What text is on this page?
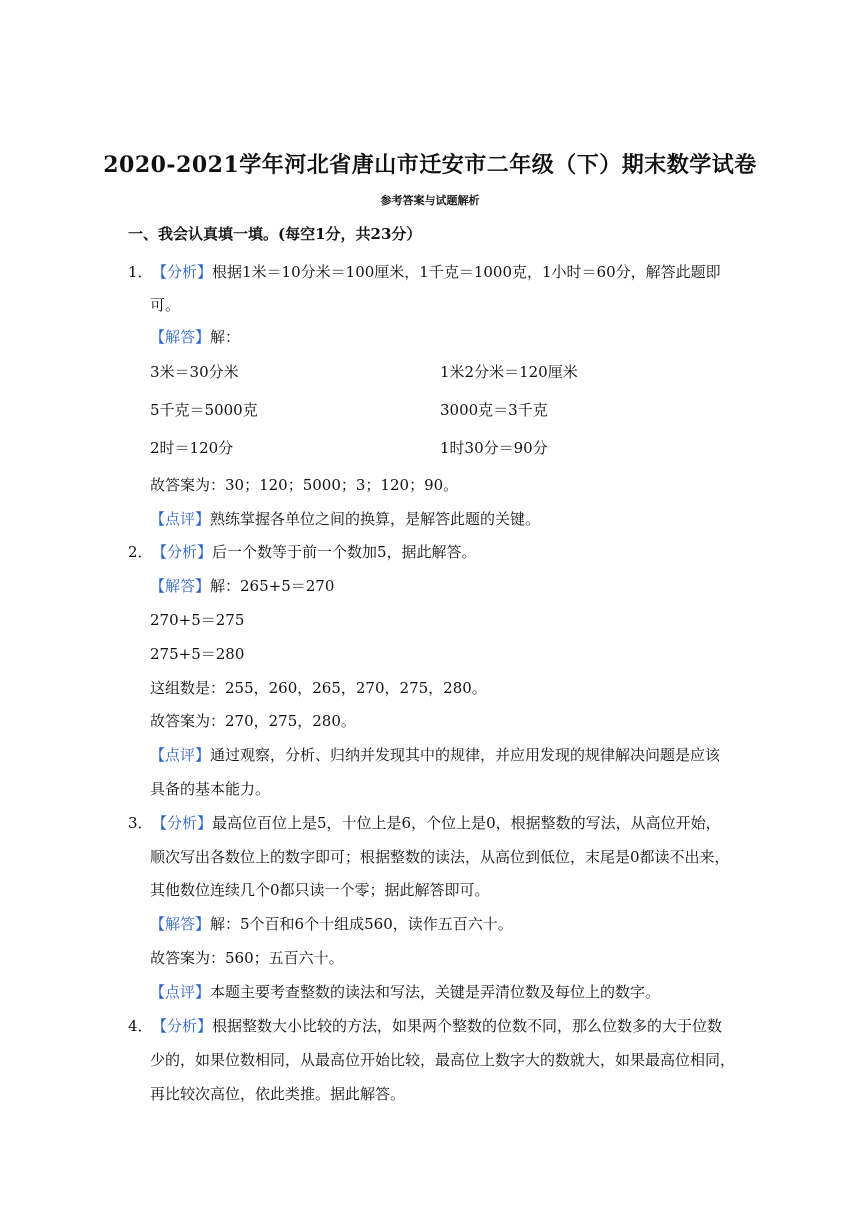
2020-2021学年河北省唐山市迁安市二年级（下）期末数学试卷
参考答案与试题解析
一、我会认真填一填。(每空1分，共23分）
1．【分析】根据1米＝10分米＝100厘米，1千克＝1000克，1小时＝60分，解答此题即
可。
【解答】解：
3米＝30分米	1米2分米＝120厘米
5千克＝5000克	3000克＝3千克
2时＝120分	1时30分＝90分
故答案为：30；120；5000；3；120；90。
【点评】熟练掌握各单位之间的换算，是解答此题的关键。
2．【分析】后一个数等于前一个数加5，据此解答。
【解答】解：265+5＝270
270+5＝275
275+5＝280
这组数是：255，260，265，270，275，280。
故答案为：270，275，280。
【点评】通过观察，分析、归纳并发现其中的规律，并应用发现的规律解决问题是应该
具备的基本能力。
3．【分析】最高位百位上是5，十位上是6，个位上是0，根据整数的写法，从高位开始，
顺次写出各数位上的数字即可；根据整数的读法，从高位到低位，末尾是0都读不出来，
其他数位连续几个0都只读一个零；据此解答即可。
【解答】解：5个百和6个十组成560，读作五百六十。
故答案为：560；五百六十。
【点评】本题主要考查整数的读法和写法，关键是弄清位数及每位上的数字。
4．【分析】根据整数大小比较的方法，如果两个整数的位数不同，那么位数多的大于位数
少的，如果位数相同，从最高位开始比较，最高位上数字大的数就大，如果最高位相同，
再比较次高位，依此类推。据此解答。
